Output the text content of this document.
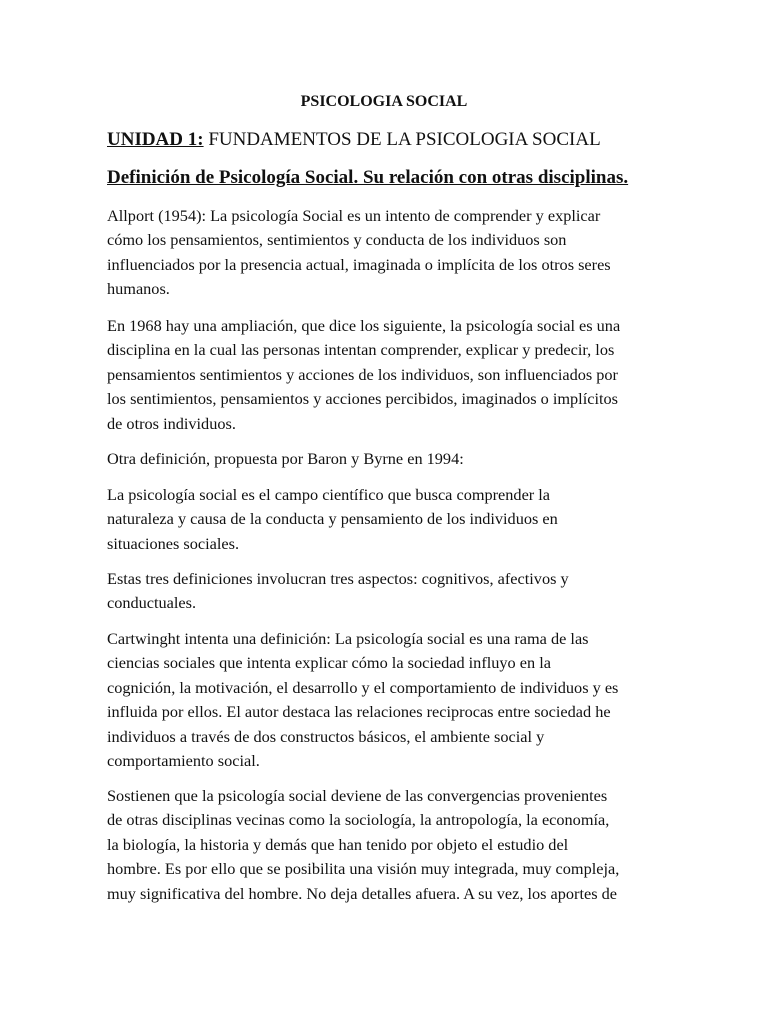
PSICOLOGIA SOCIAL
UNIDAD 1: FUNDAMENTOS DE LA PSICOLOGIA SOCIAL
Definición de Psicología Social. Su relación con otras disciplinas.

Allport (1954): La psicología Social es un intento de comprender y explicar
cómo los pensamientos, sentimientos y conducta de los individuos son
influenciados por la presencia actual, imaginada o implícita de los otros seres
humanos.

En 1968 hay una ampliación, que dice los siguiente, la psicología social es una
disciplina en la cual las personas intentan comprender, explicar y predecir, los
pensamientos sentimientos y acciones de los individuos, son influenciados por
los sentimientos, pensamientos y acciones percibidos, imaginados o implícitos
de otros individuos.

Otra definición, propuesta por Baron y Byrne en 1994:

La psicología social es el campo científico que busca comprender la
naturaleza y causa de la conducta y pensamiento de los individuos en
situaciones sociales.

Estas tres definiciones involucran tres aspectos: cognitivos, afectivos y
conductuales.

Cartwinght intenta una definición: La psicología social es una rama de las
ciencias sociales que intenta explicar cómo la sociedad influyo en la
cognición, la motivación, el desarrollo y el comportamiento de individuos y es
influida por ellos. El autor destaca las relaciones reciprocas entre sociedad he
individuos a través de dos constructos básicos, el ambiente social y
comportamiento social.

Sostienen que la psicología social deviene de las convergencias provenientes
de otras disciplinas vecinas como la sociología, la antropología, la economía,
la biología, la historia y demás que han tenido por objeto el estudio del
hombre. Es por ello que se posibilita una visión muy integrada, muy compleja,
muy significativa del hombre. No deja detalles afuera. A su vez, los aportes de
